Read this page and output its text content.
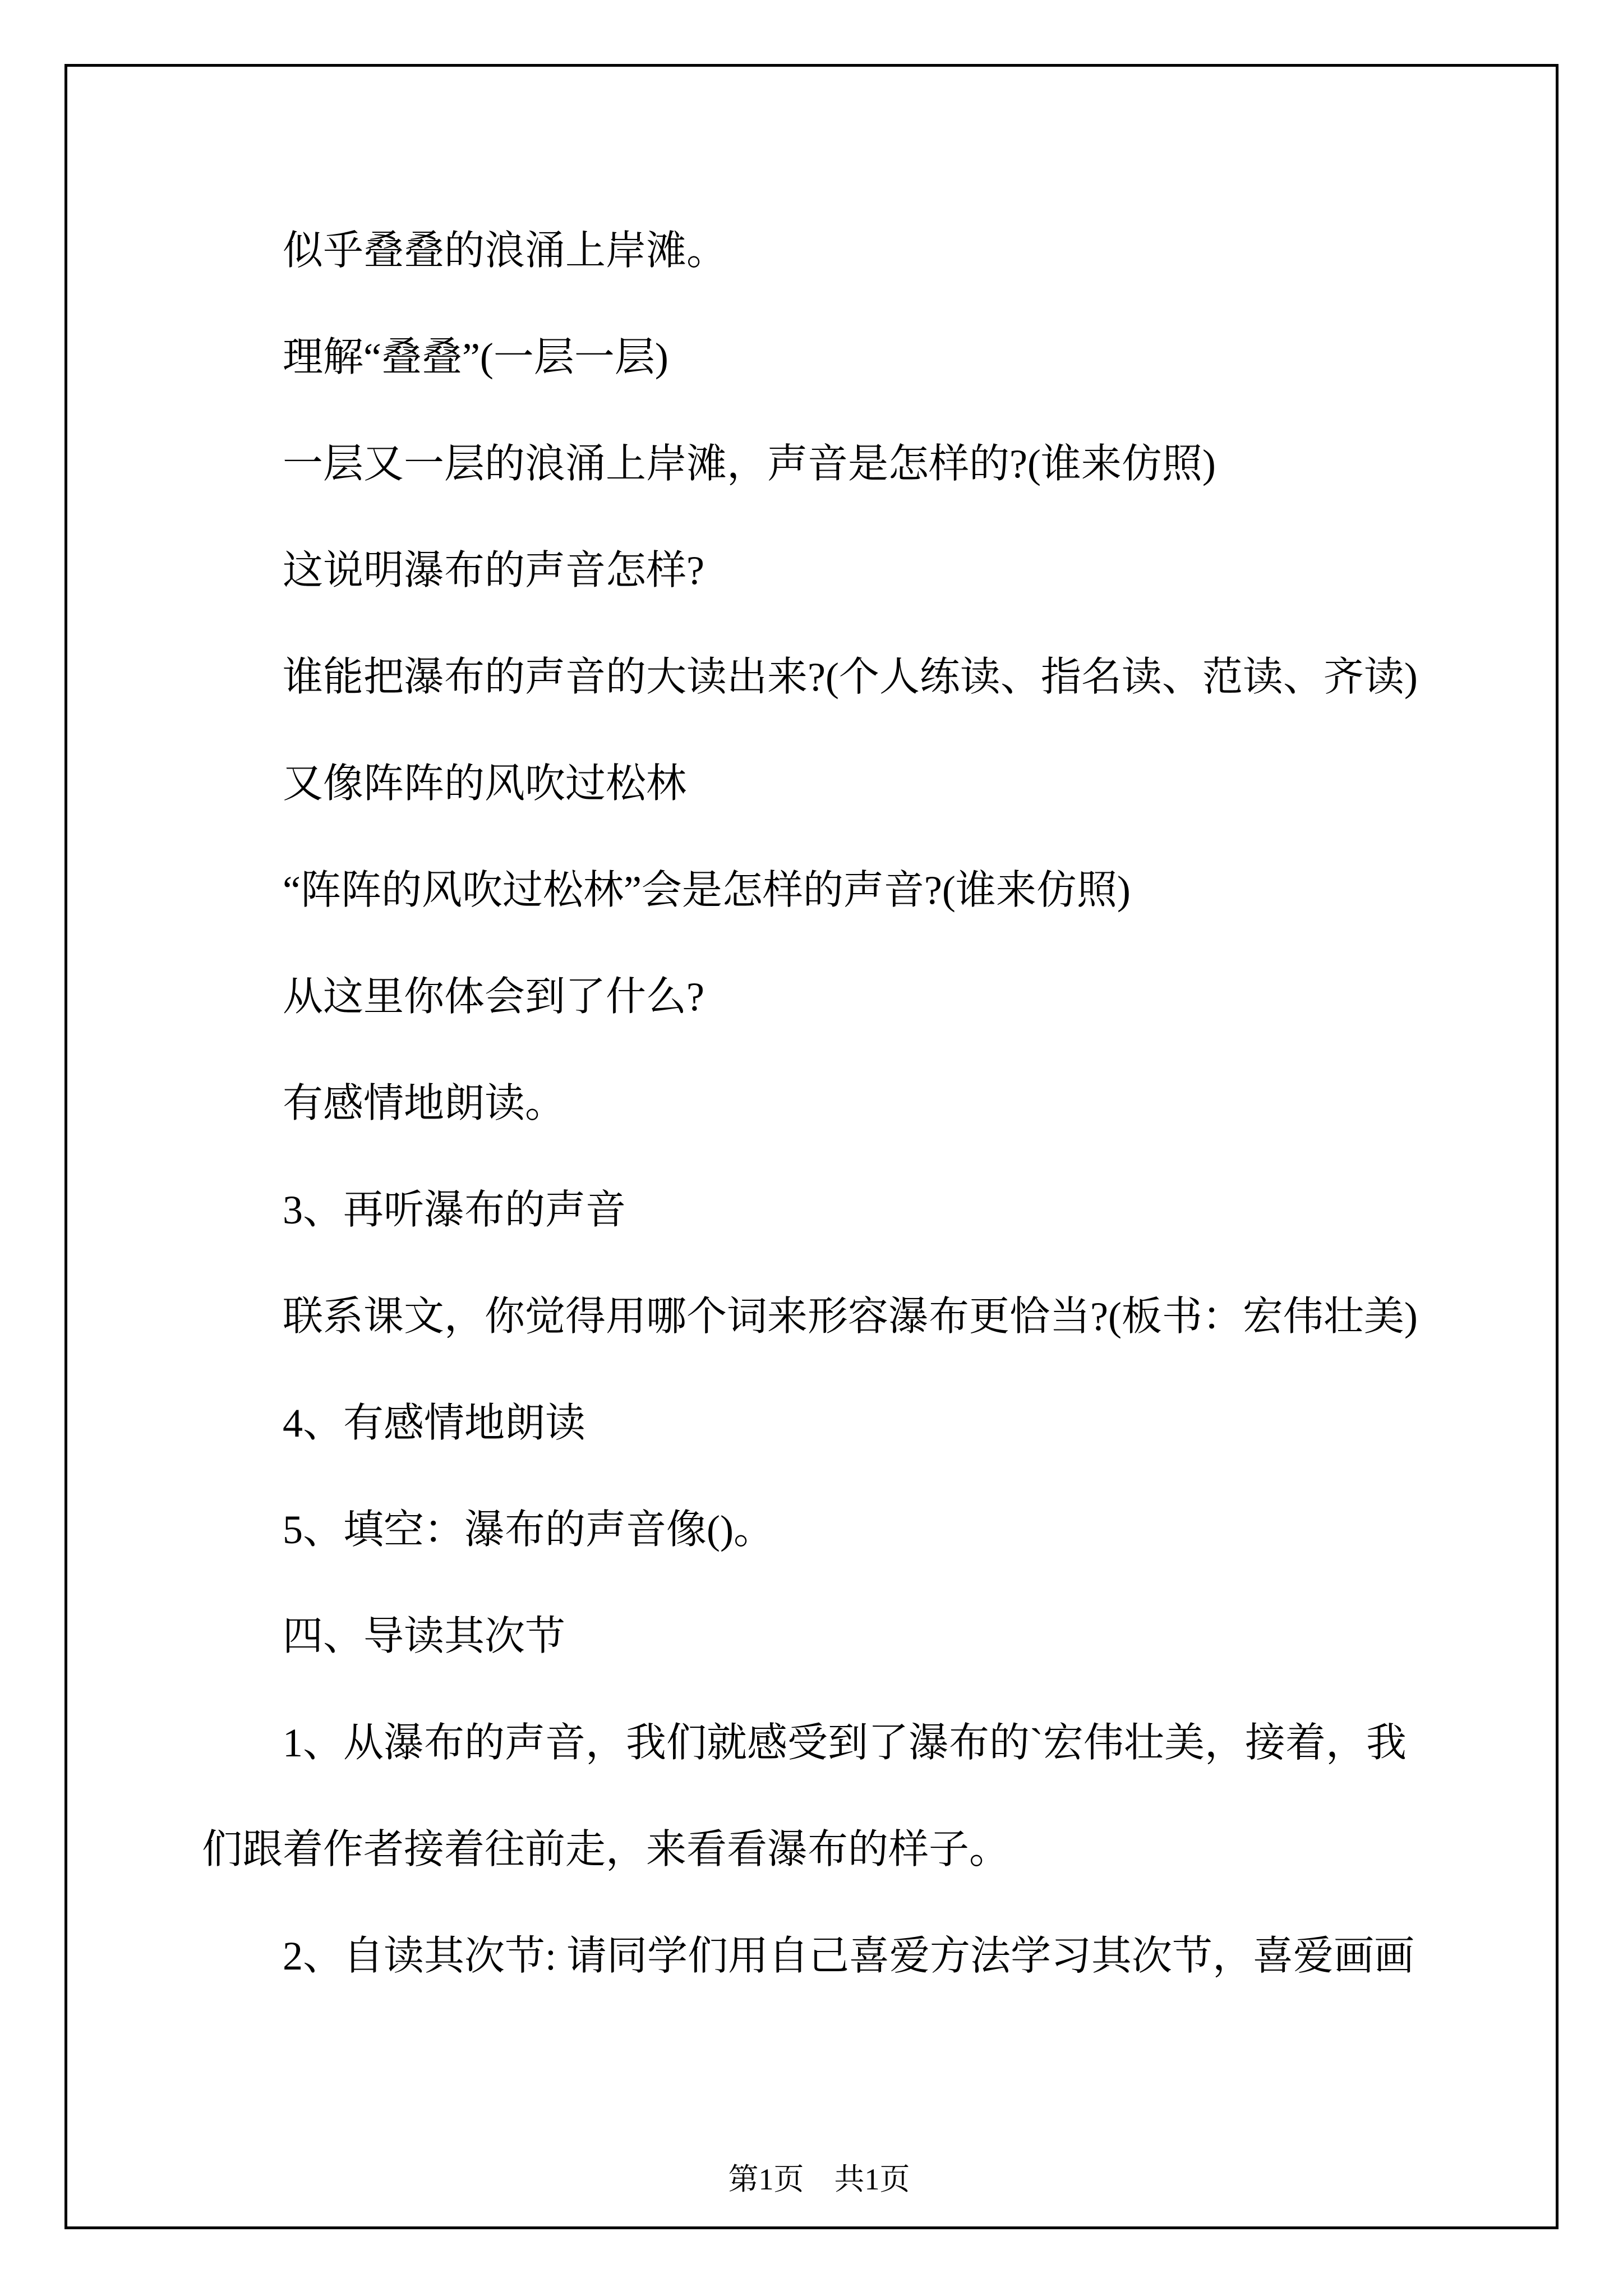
似乎叠叠的浪涌上岸滩。
理解“叠叠”(一层一层)
一层又一层的浪涌上岸滩，声音是怎样的?(谁来仿照)
这说明瀑布的声音怎样?
谁能把瀑布的声音的大读出来?(个人练读、指名读、范读、齐读)
又像阵阵的风吹过松林
“阵阵的风吹过松林”会是怎样的声音?(谁来仿照)
从这里你体会到了什么?
有感情地朗读。
3、再听瀑布的声音
联系课文，你觉得用哪个词来形容瀑布更恰当?(板书：宏伟壮美)
4、有感情地朗读
5、填空：瀑布的声音像()。
四、导读其次节
1、从瀑布的声音，我们就感受到了瀑布的`宏伟壮美，接着，我
们跟着作者接着往前走，来看看瀑布的样子。
2、自读其次节: 请同学们用自己喜爱方法学习其次节，喜爱画画

第1页　共1页
